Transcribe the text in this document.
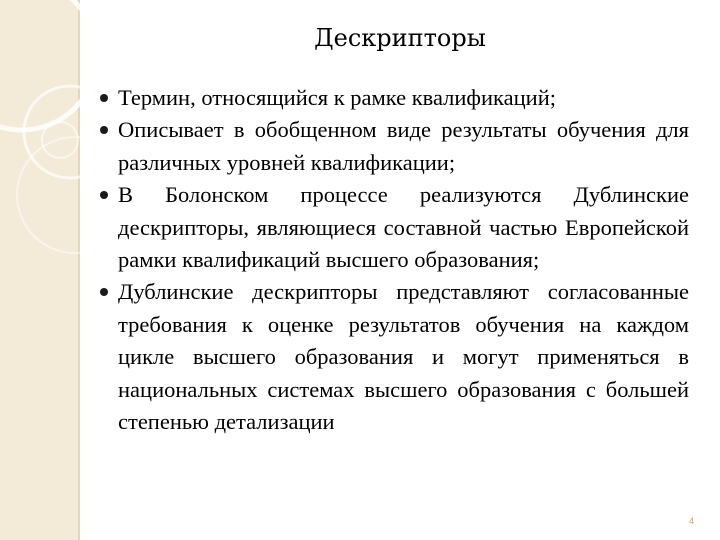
Дескрипторы
Термин, относящийся к рамке квалификаций;
Описывает в обобщенном виде результаты обучения для различных уровней квалификации;
В Болонском процессе реализуются Дублинские дескрипторы, являющиеся составной частью Европейской рамки квалификаций высшего образования;
Дублинские дескрипторы представляют согласованные требования к оценке результатов обучения на каждом цикле высшего образования и могут применяться в национальных системах высшего образования с большей степенью детализации
4
